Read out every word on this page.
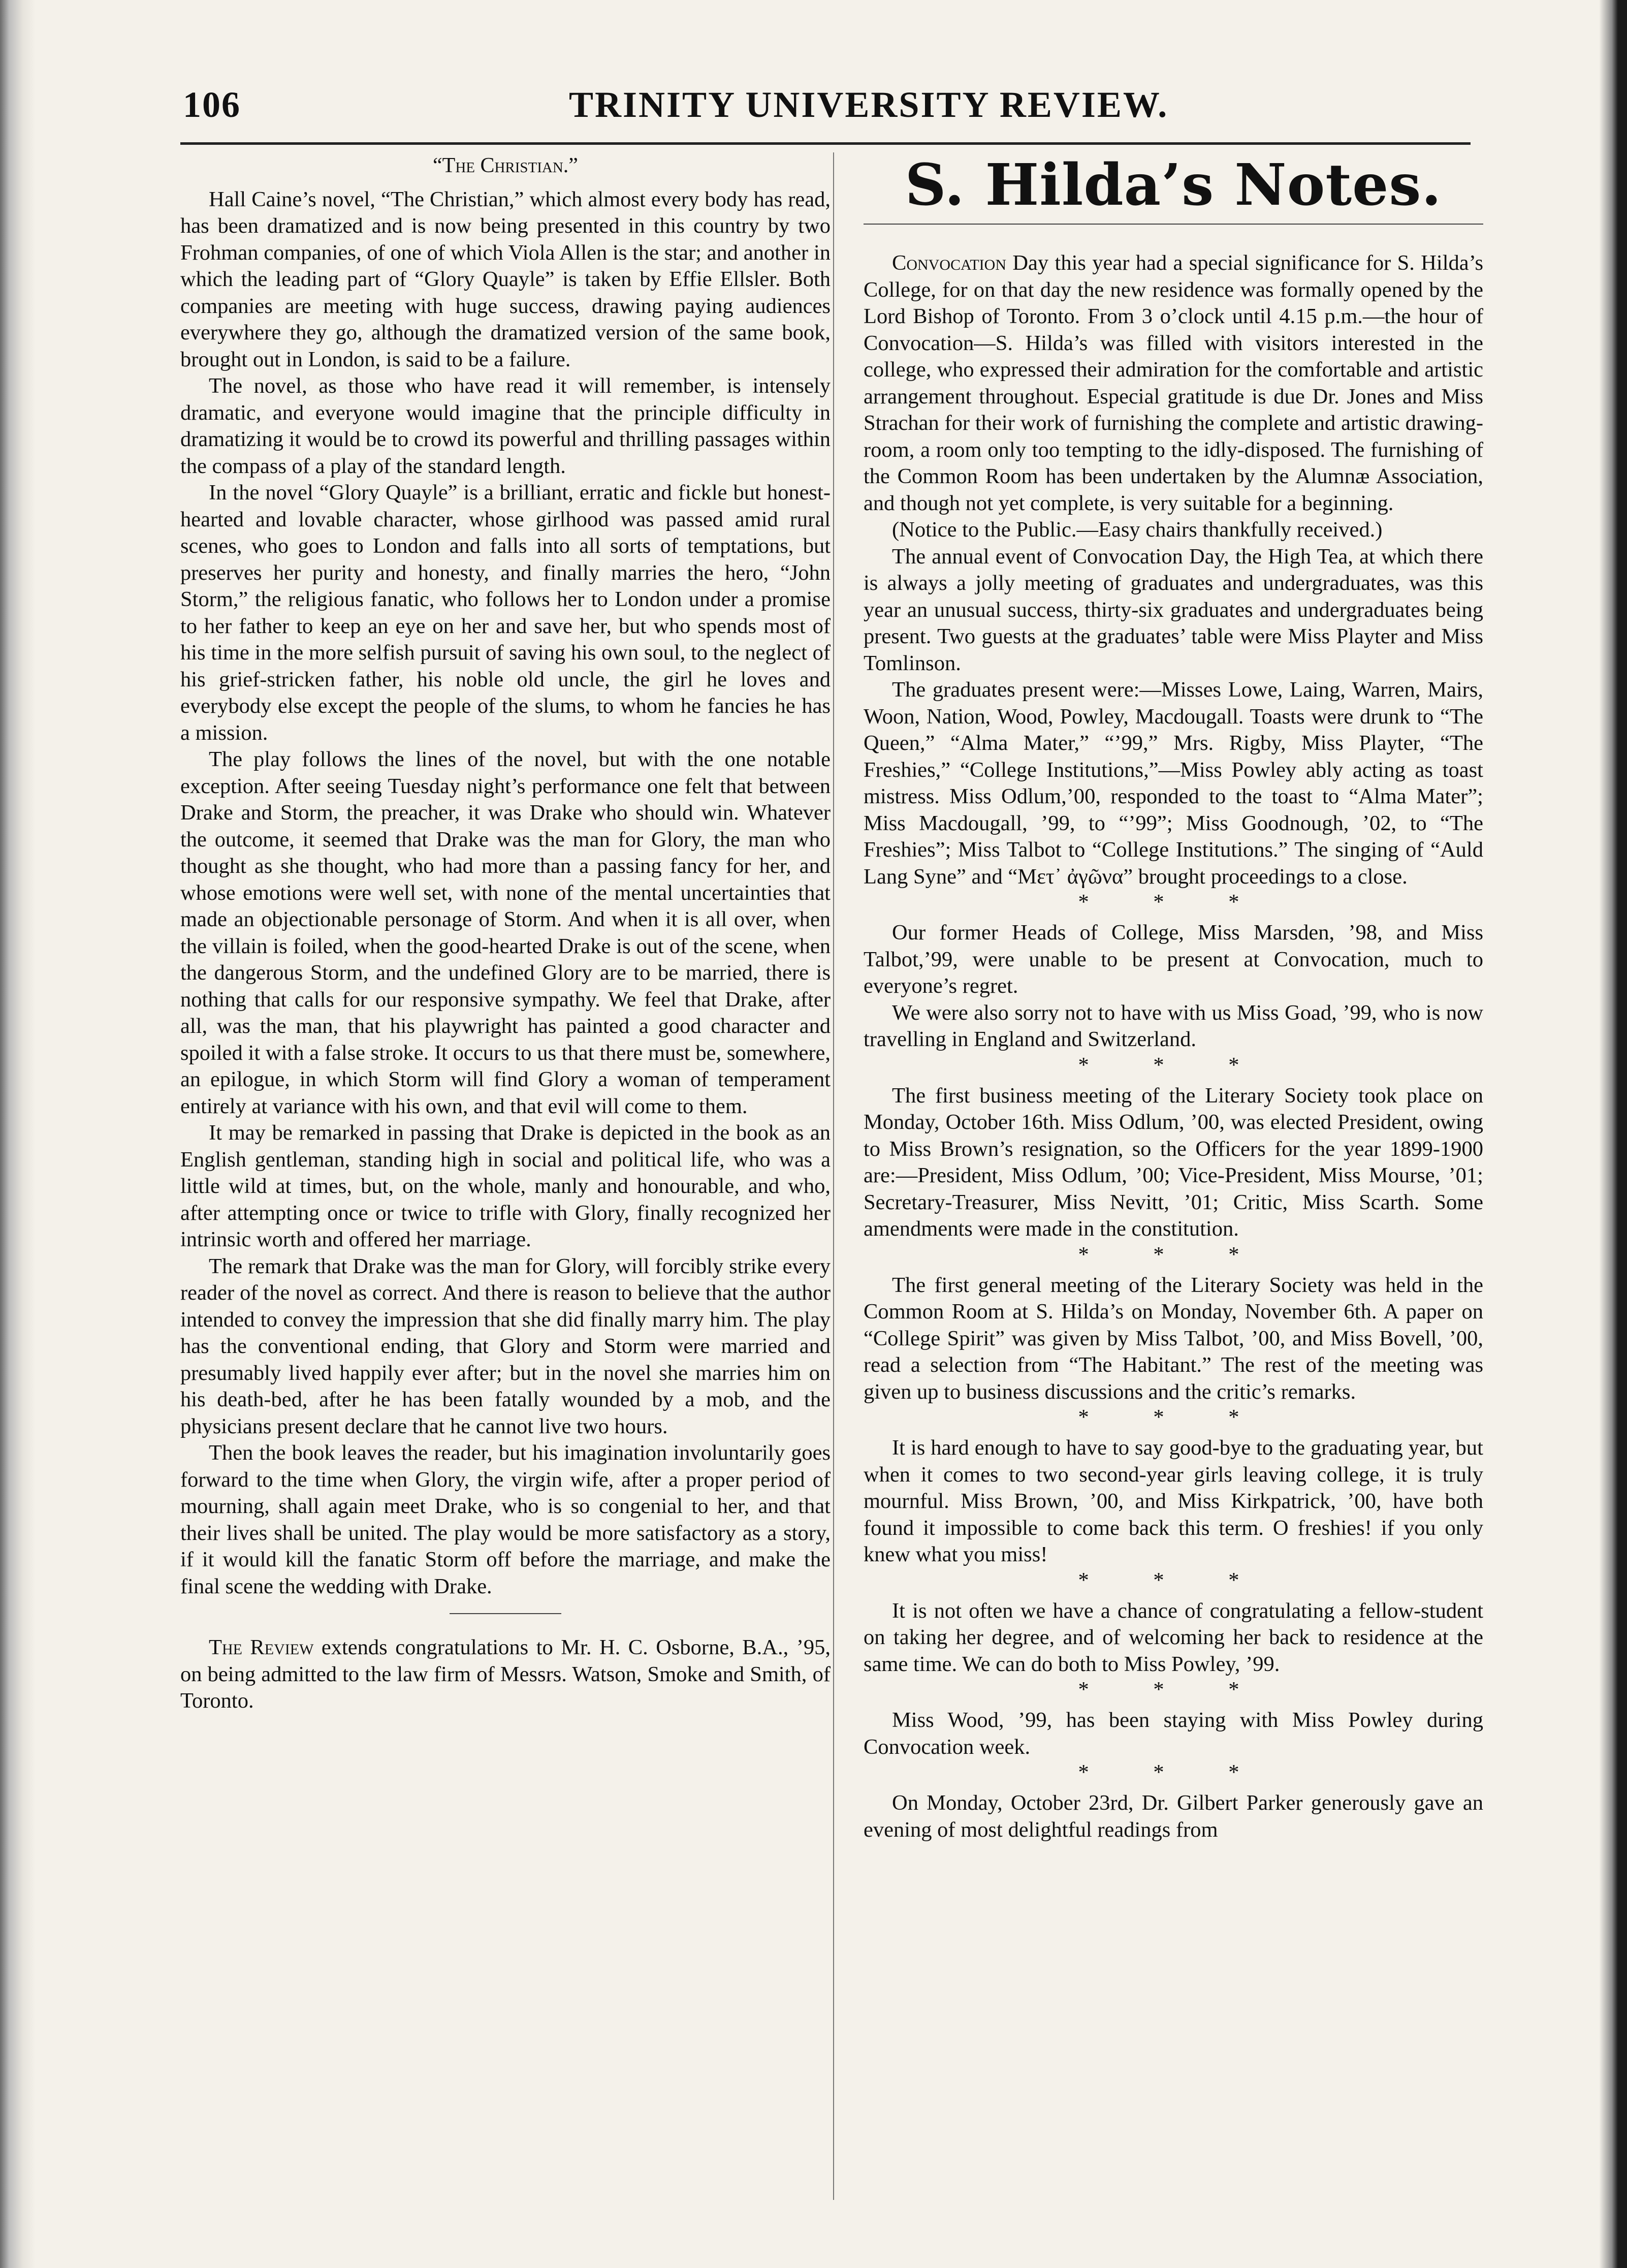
106	TRINITY UNIVERSITY REVIEW.
“The Christian.”

Hall Caine’s novel, “The Christian,” which almost every body has read, has been dramatized and is now being presented in this country by two Frohman companies, of one of which Viola Allen is the star; and another in which the leading part of “Glory Quayle” is taken by Effie Ellsler. Both companies are meeting with huge success, drawing paying audiences everywhere they go, although the dramatized version of the same book, brought out in London, is said to be a failure.

The novel, as those who have read it will remember, is intensely dramatic, and everyone would imagine that the principle difficulty in dramatizing it would be to crowd its powerful and thrilling passages within the compass of a play of the standard length.

In the novel “Glory Quayle” is a brilliant, erratic and fickle but honest-hearted and lovable character, whose girlhood was passed amid rural scenes, who goes to London and falls into all sorts of temptations, but preserves her purity and honesty, and finally marries the hero, “John Storm,” the religious fanatic, who follows her to London under a promise to her father to keep an eye on her and save her, but who spends most of his time in the more selfish pursuit of saving his own soul, to the neglect of his grief-stricken father, his noble old uncle, the girl he loves and everybody else except the people of the slums, to whom he fancies he has a mission.

The play follows the lines of the novel, but with the one notable exception. After seeing Tuesday night’s performance one felt that between Drake and Storm, the preacher, it was Drake who should win. Whatever the outcome, it seemed that Drake was the man for Glory, the man who thought as she thought, who had more than a passing fancy for her, and whose emotions were well set, with none of the mental uncertainties that made an objectionable personage of Storm. And when it is all over, when the villain is foiled, when the good-hearted Drake is out of the scene, when the dangerous Storm, and the undefined Glory are to be married, there is nothing that calls for our responsive sympathy. We feel that Drake, after all, was the man, that his playwright has painted a good character and spoiled it with a false stroke. It occurs to us that there must be, somewhere, an epilogue, in which Storm will find Glory a woman of temperament entirely at variance with his own, and that evil will come to them.

It may be remarked in passing that Drake is depicted in the book as an English gentleman, standing high in social and political life, who was a little wild at times, but, on the whole, manly and honourable, and who, after attempting once or twice to trifle with Glory, finally recognized her intrinsic worth and offered her marriage.

The remark that Drake was the man for Glory, will forcibly strike every reader of the novel as correct. And there is reason to believe that the author intended to convey the impression that she did finally marry him. The play has the conventional ending, that Glory and Storm were married and presumably lived happily ever after; but in the novel she marries him on his death-bed, after he has been fatally wounded by a mob, and the physicians present declare that he cannot live two hours.

Then the book leaves the reader, but his imagination involuntarily goes forward to the time when Glory, the virgin wife, after a proper period of mourning, shall again meet Drake, who is so congenial to her, and that their lives shall be united. The play would be more satisfactory as a story, if it would kill the fanatic Storm off before the marriage, and make the final scene the wedding with Drake.

The Review extends congratulations to Mr. H. C. Osborne, B.A., ’95, on being admitted to the law firm of Messrs. Watson, Smoke and Smith, of Toronto.

S. Hilda’s Notes.

Convocation Day this year had a special significance for S. Hilda’s College, for on that day the new residence was formally opened by the Lord Bishop of Toronto. From 3 o’clock until 4.15 p.m.—the hour of Convocation—S. Hilda’s was filled with visitors interested in the college, who expressed their admiration for the comfortable and artistic arrangement throughout. Especial gratitude is due Dr. Jones and Miss Strachan for their work of furnishing the complete and artistic drawing-room, a room only too tempting to the idly-disposed. The furnishing of the Common Room has been undertaken by the Alumnæ Association, and though not yet complete, is very suitable for a beginning.

(Notice to the Public.—Easy chairs thankfully received.)

The annual event of Convocation Day, the High Tea, at which there is always a jolly meeting of graduates and undergraduates, was this year an unusual success, thirty-six graduates and undergraduates being present. Two guests at the graduates’ table were Miss Playter and Miss Tomlinson.

The graduates present were:—Misses Lowe, Laing, Warren, Mairs, Woon, Nation, Wood, Powley, Macdougall. Toasts were drunk to “The Queen,” “Alma Mater,” “’99,” Mrs. Rigby, Miss Playter, “The Freshies,” “College Institutions,”—Miss Powley ably acting as toast mistress. Miss Odlum,’00, responded to the toast to “Alma Mater”; Miss Macdougall, ’99, to “’99”; Miss Goodnough, ’02, to “The Freshies”; Miss Talbot to “College Institutions.” The singing of “Auld Lang Syne” and “Μετ᾽ ἀγῶνα” brought proceedings to a close.

* * *

Our former Heads of College, Miss Marsden, ’98, and Miss Talbot,’99, were unable to be present at Convocation, much to everyone’s regret.

We were also sorry not to have with us Miss Goad, ’99, who is now travelling in England and Switzerland.

* * *

The first business meeting of the Literary Society took place on Monday, October 16th. Miss Odlum, ’00, was elected President, owing to Miss Brown’s resignation, so the Officers for the year 1899-1900 are:—President, Miss Odlum, ’00; Vice-President, Miss Mourse, ’01; Secretary-Treasurer, Miss Nevitt, ’01; Critic, Miss Scarth. Some amendments were made in the constitution.

* * *

The first general meeting of the Literary Society was held in the Common Room at S. Hilda’s on Monday, November 6th. A paper on “College Spirit” was given by Miss Talbot, ’00, and Miss Bovell, ’00, read a selection from “The Habitant.” The rest of the meeting was given up to business discussions and the critic’s remarks.

* * *

It is hard enough to have to say good-bye to the graduating year, but when it comes to two second-year girls leaving college, it is truly mournful. Miss Brown, ’00, and Miss Kirkpatrick, ’00, have both found it impossible to come back this term. O freshies! if you only knew what you miss!

* * *

It is not often we have a chance of congratulating a fellow-student on taking her degree, and of welcoming her back to residence at the same time. We can do both to Miss Powley, ’99.

* * *

Miss Wood, ’99, has been staying with Miss Powley during Convocation week.

* * *

On Monday, October 23rd, Dr. Gilbert Parker generously gave an evening of most delightful readings from
